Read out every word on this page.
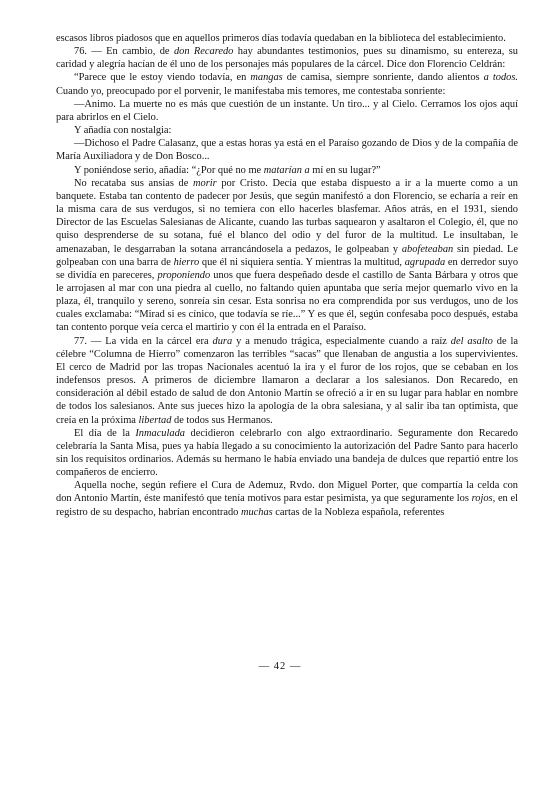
escasos libros piadosos que en aquellos primeros días todavía quedaban en la biblioteca del establecimiento.

76. — En cambio, de don Recaredo hay abundantes testimonios, pues su dinamismo, su entereza, su caridad y alegría hacían de él uno de los personajes más populares de la cárcel. Dice don Florencio Celdrán:

“Parece que le estoy viendo todavía, en mangas de camisa, siempre sonriente, dando alientos a todos. Cuando yo, preocupado por el porvenir, le manifestaba mis temores, me contestaba sonriente:

—Animo. La muerte no es más que cuestión de un instante. Un tiro... y al Cielo. Cerramos los ojos aquí para abrirlos en el Cielo.

Y añadía con nostalgia:

—Dichoso el Padre Calasanz, que a estas horas ya está en el Paraíso gozando de Dios y de la compañía de María Auxiliadora y de Don Bosco...

Y poniéndose serio, añadía: “¿Por qué no me matarían a mí en su lugar?”

No recataba sus ansias de morir por Cristo. Decía que estaba dispuesto a ir a la muerte como a un banquete. Estaba tan contento de padecer por Jesús, que según manifestó a don Florencio, se echaría a reír en la misma cara de sus verdugos, si no temiera con ello hacerles blasfemar. Años atrás, en el 1931, siendo Director de las Escuelas Salesianas de Alicante, cuando las turbas saquearon y asaltaron el Colegio, él, que no quiso desprenderse de su sotana, fué el blanco del odio y del furor de la multitud. Le insultaban, le amenazaban, le desgarraban la sotana arrancándosela a pedazos, le golpeaban y abofeteaban sin piedad. Le golpeaban con una barra de hierro que él ni siquiera sentía. Y mientras la multitud, agrupada en derredor suyo se dividía en pareceres, proponiendo unos que fuera despeñado desde el castillo de Santa Bárbara y otros que le arrojasen al mar con una piedra al cuello, no faltando quien apuntaba que sería mejor quemarlo vivo en la plaza, él, tranquilo y sereno, sonreía sin cesar. Esta sonrisa no era comprendida por sus verdugos, uno de los cuales exclamaba: “Mirad si es cínico, que todavía se ríe...” Y es que él, según confesaba poco después, estaba tan contento porque veía cerca el martirio y con él la entrada en el Paraíso.

77. — La vida en la cárcel era dura y a menudo trágica, especialmente cuando a raíz del asalto de la célebre “Columna de Hierro” comenzaron las terribles “sacas” que llenaban de angustia a los supervivientes. El cerco de Madrid por las tropas Nacionales acentuó la ira y el furor de los rojos, que se cebaban en los indefensos presos. A primeros de diciembre llamaron a declarar a los salesianos. Don Recaredo, en consideración al débil estado de salud de don Antonio Martín se ofreció a ir en su lugar para hablar en nombre de todos los salesianos. Ante sus jueces hizo la apología de la obra salesiana, y al salir iba tan optimista, que creía en la próxima libertad de todos sus Hermanos.

El día de la Inmaculada decidieron celebrarlo con algo extraordinario. Seguramente don Recaredo celebraría la Santa Misa, pues ya había llegado a su conocimiento la autorización del Padre Santo para hacerlo sin los requisitos ordinarios. Además su hermano le había enviado una bandeja de dulces que repartió entre los compañeros de encierro.

Aquella noche, según refiere el Cura de Ademuz, Rvdo. don Miguel Porter, que compartía la celda con don Antonio Martín, éste manifestó que tenía motivos para estar pesimista, ya que seguramente los rojos, en el registro de su despacho, habrían encontrado muchas cartas de la Nobleza española, referentes

— 42 —
